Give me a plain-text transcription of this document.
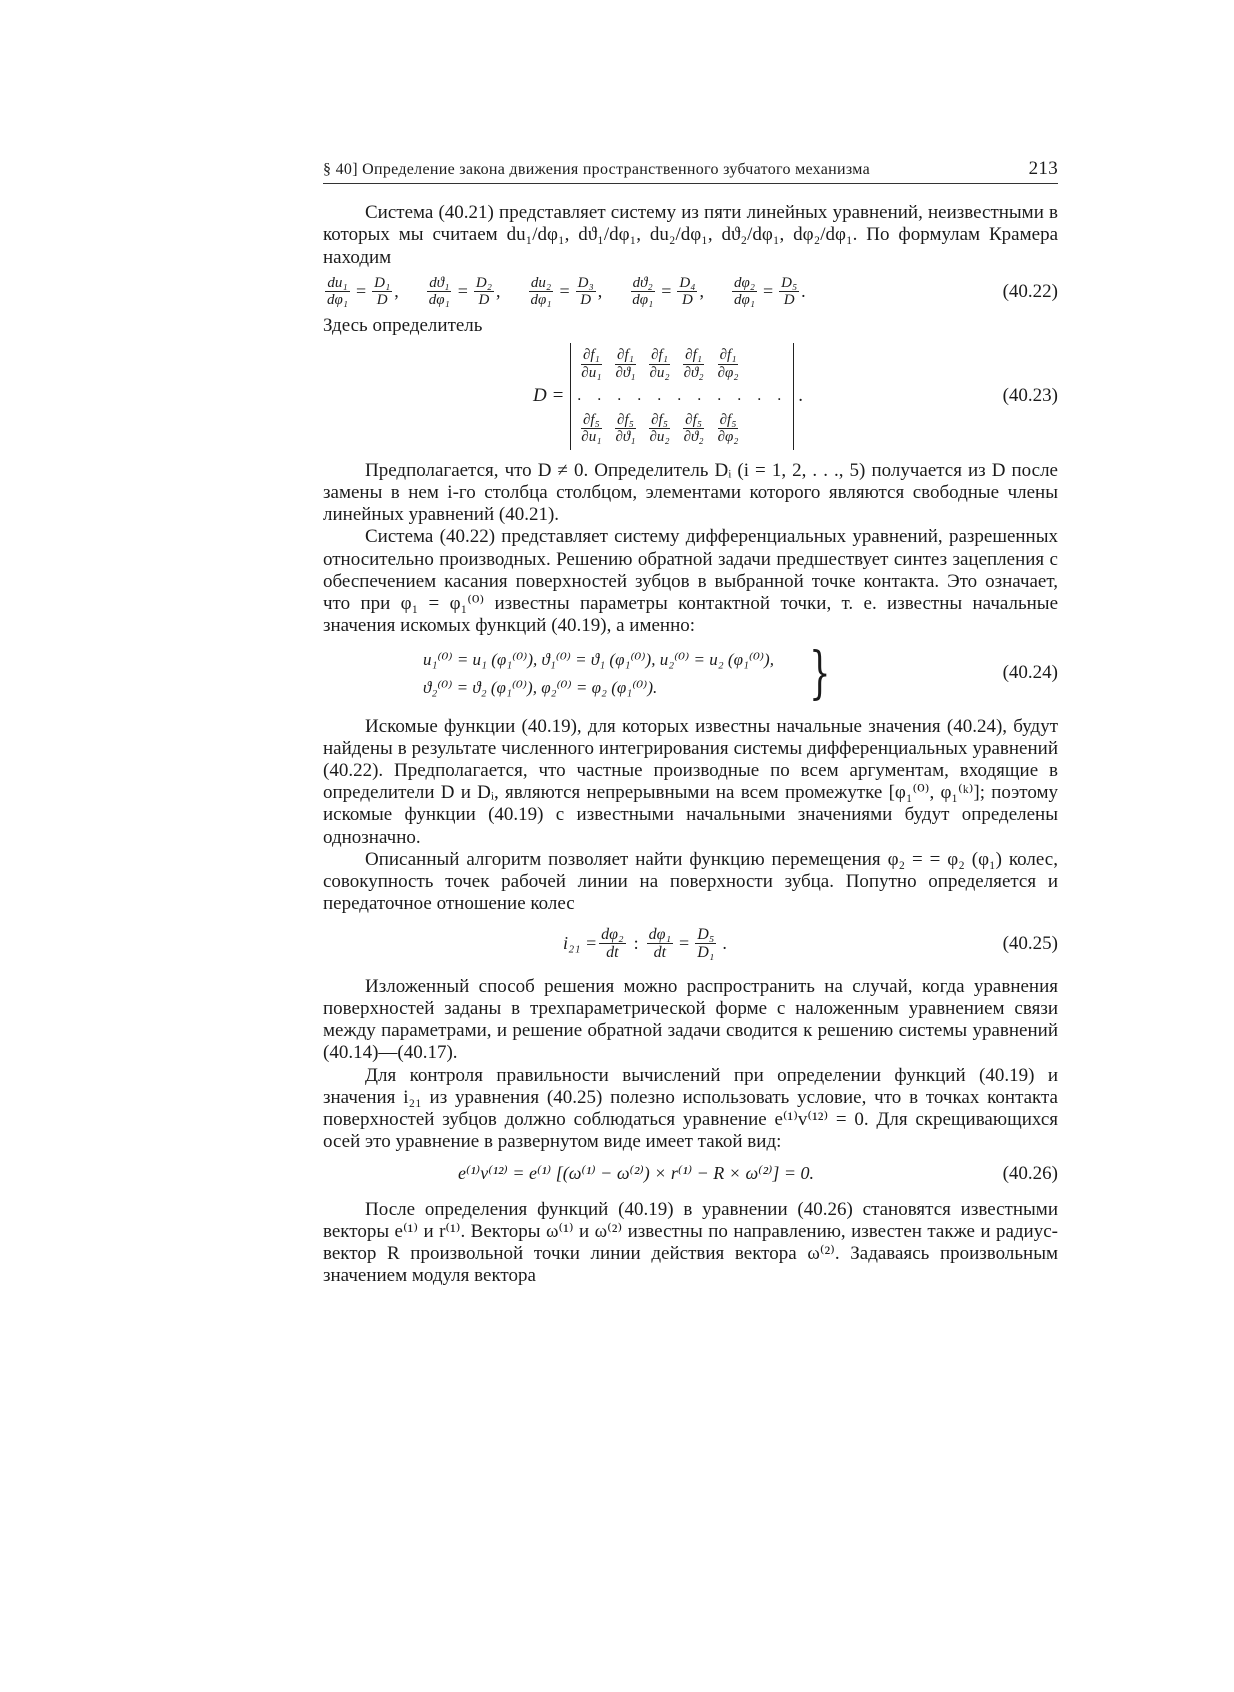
§ 40] Определение закона движения пространственного зубчатого механизма	213

Система (40.21) представляет систему из пяти линейных уравнений, неизвестными в которых мы считаем du₁/dφ₁, dϑ₁/dφ₁, du₂/dφ₁, dϑ₂/dφ₁, dφ₂/dφ₁. По формулам Крамера находим

$\frac{\text{du₁}}{\text{dφ₁}} = \frac{\text{D₁}}{D}$ , $\frac{\text{dϑ₁}}{\text{dφ₁}} = \frac{\text{D₂}}{D}$ , $\frac{\text{du₂}}{\text{dφ₁}} = \frac{\text{D₃}}{D}$ , $\frac{\text{dϑ₂}}{\text{dφ₁}} = \frac{\text{D₄}}{D}$ , $\frac{\text{dφ₂}}{\text{dφ₁}} = \frac{\text{D₅}}{D}$ .	(40.22)

Здесь определитель

D =
$\frac{\text{∂f₁}}{\text{∂u₁}} \frac{\text{∂f₁}}{\text{∂ϑ₁}} \frac{\text{∂f₁}}{\text{∂u₂}} \frac{\text{∂f₁}}{\text{∂ϑ₂}} \frac{\text{∂f₁}}{\text{∂φ₂}}$
. . . . . . . . . . .
$\frac{\text{∂f₅}}{\text{∂u₁}} \frac{\text{∂f₅}}{\text{∂ϑ₁}} \frac{\text{∂f₅}}{\text{∂u₂}} \frac{\text{∂f₅}}{\text{∂ϑ₂}} \frac{\text{∂f₅}}{\text{∂φ₂}}$
.	(40.23)

Предполагается, что D ≠ 0. Определитель Dᵢ (i = 1, 2, . . ., 5) получается из D после замены в нем i-го столбца столбцом, элементами которого являются свободные члены линейных уравнений (40.21).

Система (40.22) представляет систему дифференциальных уравнений, разрешенных относительно производных. Решению обратной задачи предшествует синтез зацепления с обеспечением касания поверхностей зубцов в выбранной точке контакта. Это означает, что при φ₁ = φ₁⁽⁰⁾ известны параметры контактной точки, т. е. известны начальные значения искомых функций (40.19), а именно:

u₁⁽⁰⁾ = u₁ (φ₁⁽⁰⁾), ϑ₁⁽⁰⁾ = ϑ₁ (φ₁⁽⁰⁾), u₂⁽⁰⁾ = u₂ (φ₁⁽⁰⁾),
ϑ₂⁽⁰⁾ = ϑ₂ (φ₁⁽⁰⁾), φ₂⁽⁰⁾ = φ₂ (φ₁⁽⁰⁾).	}	(40.24)

Искомые функции (40.19), для которых известны начальные значения (40.24), будут найдены в результате численного интегрирования системы дифференциальных уравнений (40.22). Предполагается, что частные производные по всем аргументам, входящие в определители D и Dᵢ, являются непрерывными на всем промежутке [φ₁⁽⁰⁾, φ₁⁽ᵏ⁾]; поэтому искомые функции (40.19) с известными начальными значениями будут определены однозначно.

Описанный алгоритм позволяет найти функцию перемещения φ₂ = = φ₂ (φ₁) колес, совокупность точек рабочей линии на поверхности зубца. Попутно определяется и передаточное отношение колес

$i_{21} = \frac{\text{dφ₂}}{dt}$ : $\frac{\text{dφ₁}}{dt} = \frac{\text{D₅}}{\text{D₁}}$ .	(40.25)

Изложенный способ решения можно распространить на случай, когда уравнения поверхностей заданы в трехпараметрической форме с наложенным уравнением связи между параметрами, и решение обратной задачи сводится к решению системы уравнений (40.14)—(40.17).

Для контроля правильности вычислений при определении функций (40.19) и значения i₂₁ из уравнения (40.25) полезно использовать условие, что в точках контакта поверхностей зубцов должно соблюдаться уравнение e⁽¹⁾v⁽¹²⁾ = 0. Для скрещивающихся осей это уравнение в развернутом виде имеет такой вид:

e⁽¹⁾v⁽¹²⁾ = e⁽¹⁾ [(ω⁽¹⁾ − ω⁽²⁾) × r⁽¹⁾ − R × ω⁽²⁾] = 0.	(40.26)

После определения функций (40.19) в уравнении (40.26) становятся известными векторы e⁽¹⁾ и r⁽¹⁾. Векторы ω⁽¹⁾ и ω⁽²⁾ известны по направлению, известен также и радиус-вектор R произвольной точки линии действия вектора ω⁽²⁾. Задаваясь произвольным значением модуля вектора
